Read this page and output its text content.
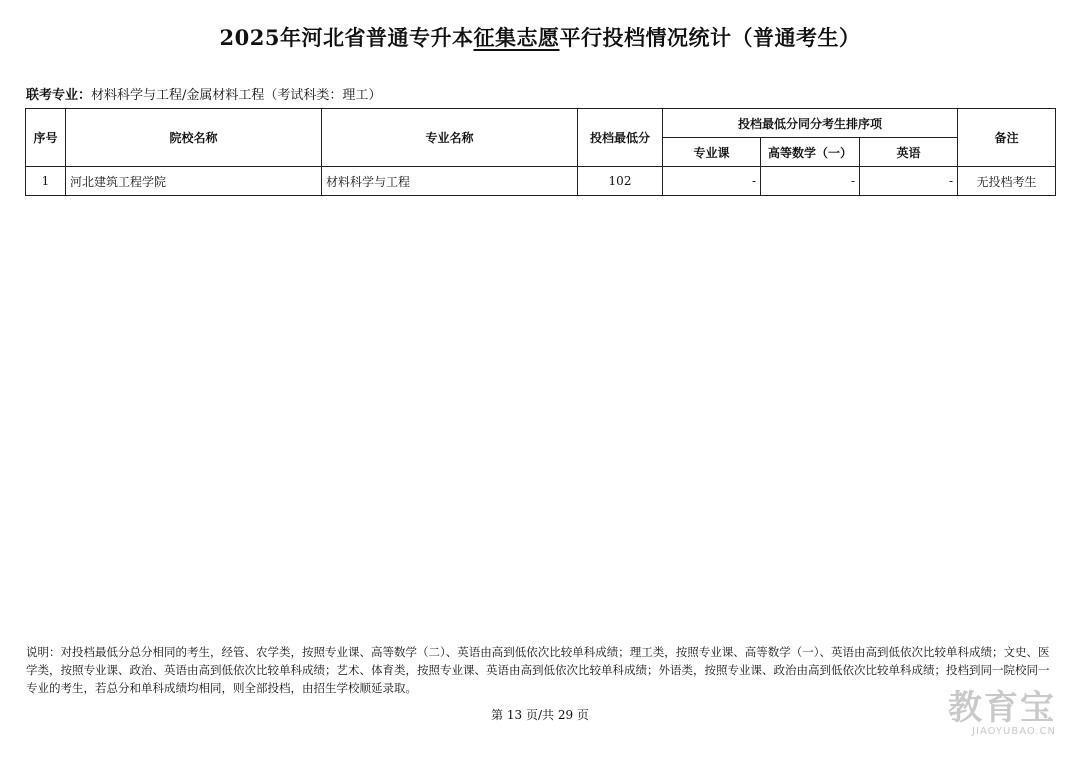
2025年河北省普通专升本征集志愿平行投档情况统计（普通考生）
联考专业：材料科学与工程/金属材料工程（考试科类：理工）
序号	院校名称	专业名称	投档最低分	投档最低分同分考生排序项			备注
				专业课	高等数学（一）	英语	
1	河北建筑工程学院	材料科学与工程	102	-	-	-	无投档考生
说明：对投档最低分总分相同的考生，经管、农学类，按照专业课、高等数学（二）、英语由高到低依次比较单科成绩；理工类，按照专业课、高等数学（一）、英语由高到低依次比较单科成绩；文史、医学类，按照专业课、政治、英语由高到低依次比较单科成绩；艺术、体育类，按照专业课、英语由高到低依次比较单科成绩；外语类，按照专业课、政治由高到低依次比较单科成绩；投档到同一院校同一专业的考生，若总分和单科成绩均相同，则全部投档，由招生学校顺延录取。
第 13 页/共 29 页	教育宝
JIAOYUBAO.CN
